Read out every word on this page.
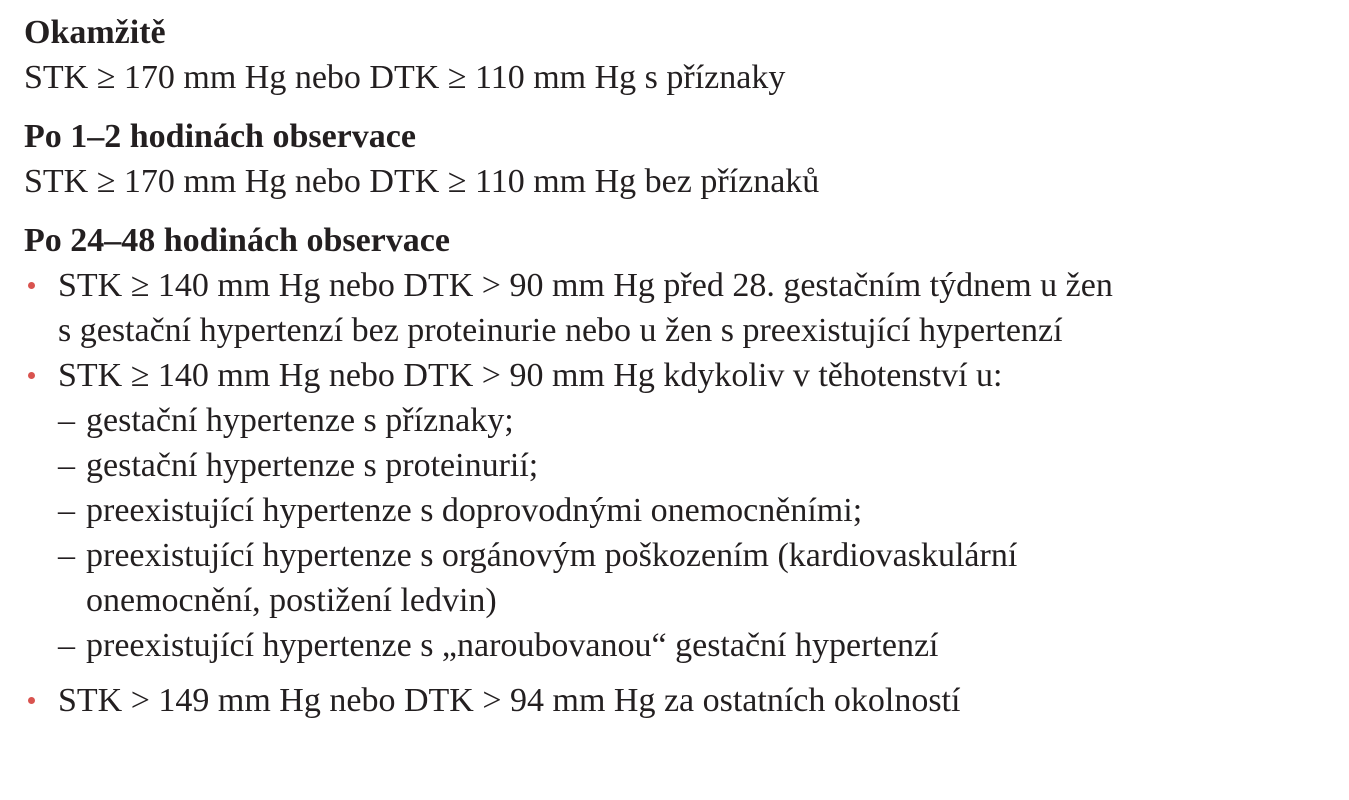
Okamžitě
STK ≥ 170 mm Hg nebo DTK ≥ 110 mm Hg s příznaky
Po 1–2 hodinách observace
STK ≥ 170 mm Hg nebo DTK ≥ 110 mm Hg bez příznaků
Po 24–48 hodinách observace
STK ≥ 140 mm Hg nebo DTK > 90 mm Hg před 28. gestačním týdnem u žen
s gestační hypertenzí bez proteinurie nebo u žen s preexistující hypertenzí
STK ≥ 140 mm Hg nebo DTK > 90 mm Hg kdykoliv v těhotenství u:
– gestační hypertenze s příznaky;
– gestační hypertenze s proteinurií;
– preexistující hypertenze s doprovodnými onemocněními;
– preexistující hypertenze s orgánovým poškozením (kardiovaskulární
onemocnění, postižení ledvin)
– preexistující hypertenze s „naroubovanou“ gestační hypertenzí
STK > 149 mm Hg nebo DTK > 94 mm Hg za ostatních okolností
